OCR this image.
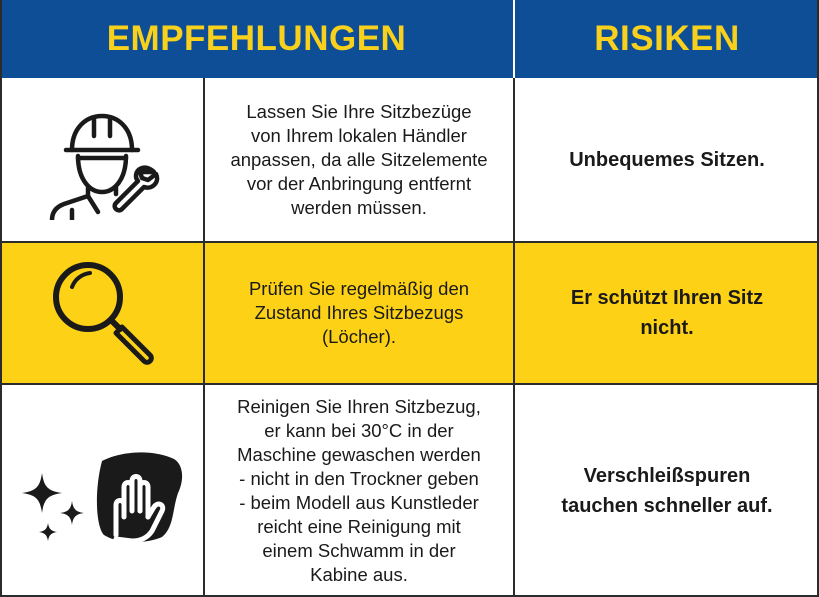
EMPFEHLUNGEN	RISIKEN
Lassen Sie Ihre Sitzbezüge
von Ihrem lokalen Händler
anpassen, da alle Sitzelemente
vor der Anbringung entfernt
werden müssen.
Unbequemes Sitzen.
Prüfen Sie regelmäßig den
Zustand Ihres Sitzbezugs
(Löcher).
Er schützt Ihren Sitz
nicht.
Reinigen Sie Ihren Sitzbezug,
er kann bei 30°C in der
Maschine gewaschen werden
- nicht in den Trockner geben
- beim Modell aus Kunstleder
reicht eine Reinigung mit
einem Schwamm in der
Kabine aus.
Verschleißspuren
tauchen schneller auf.
